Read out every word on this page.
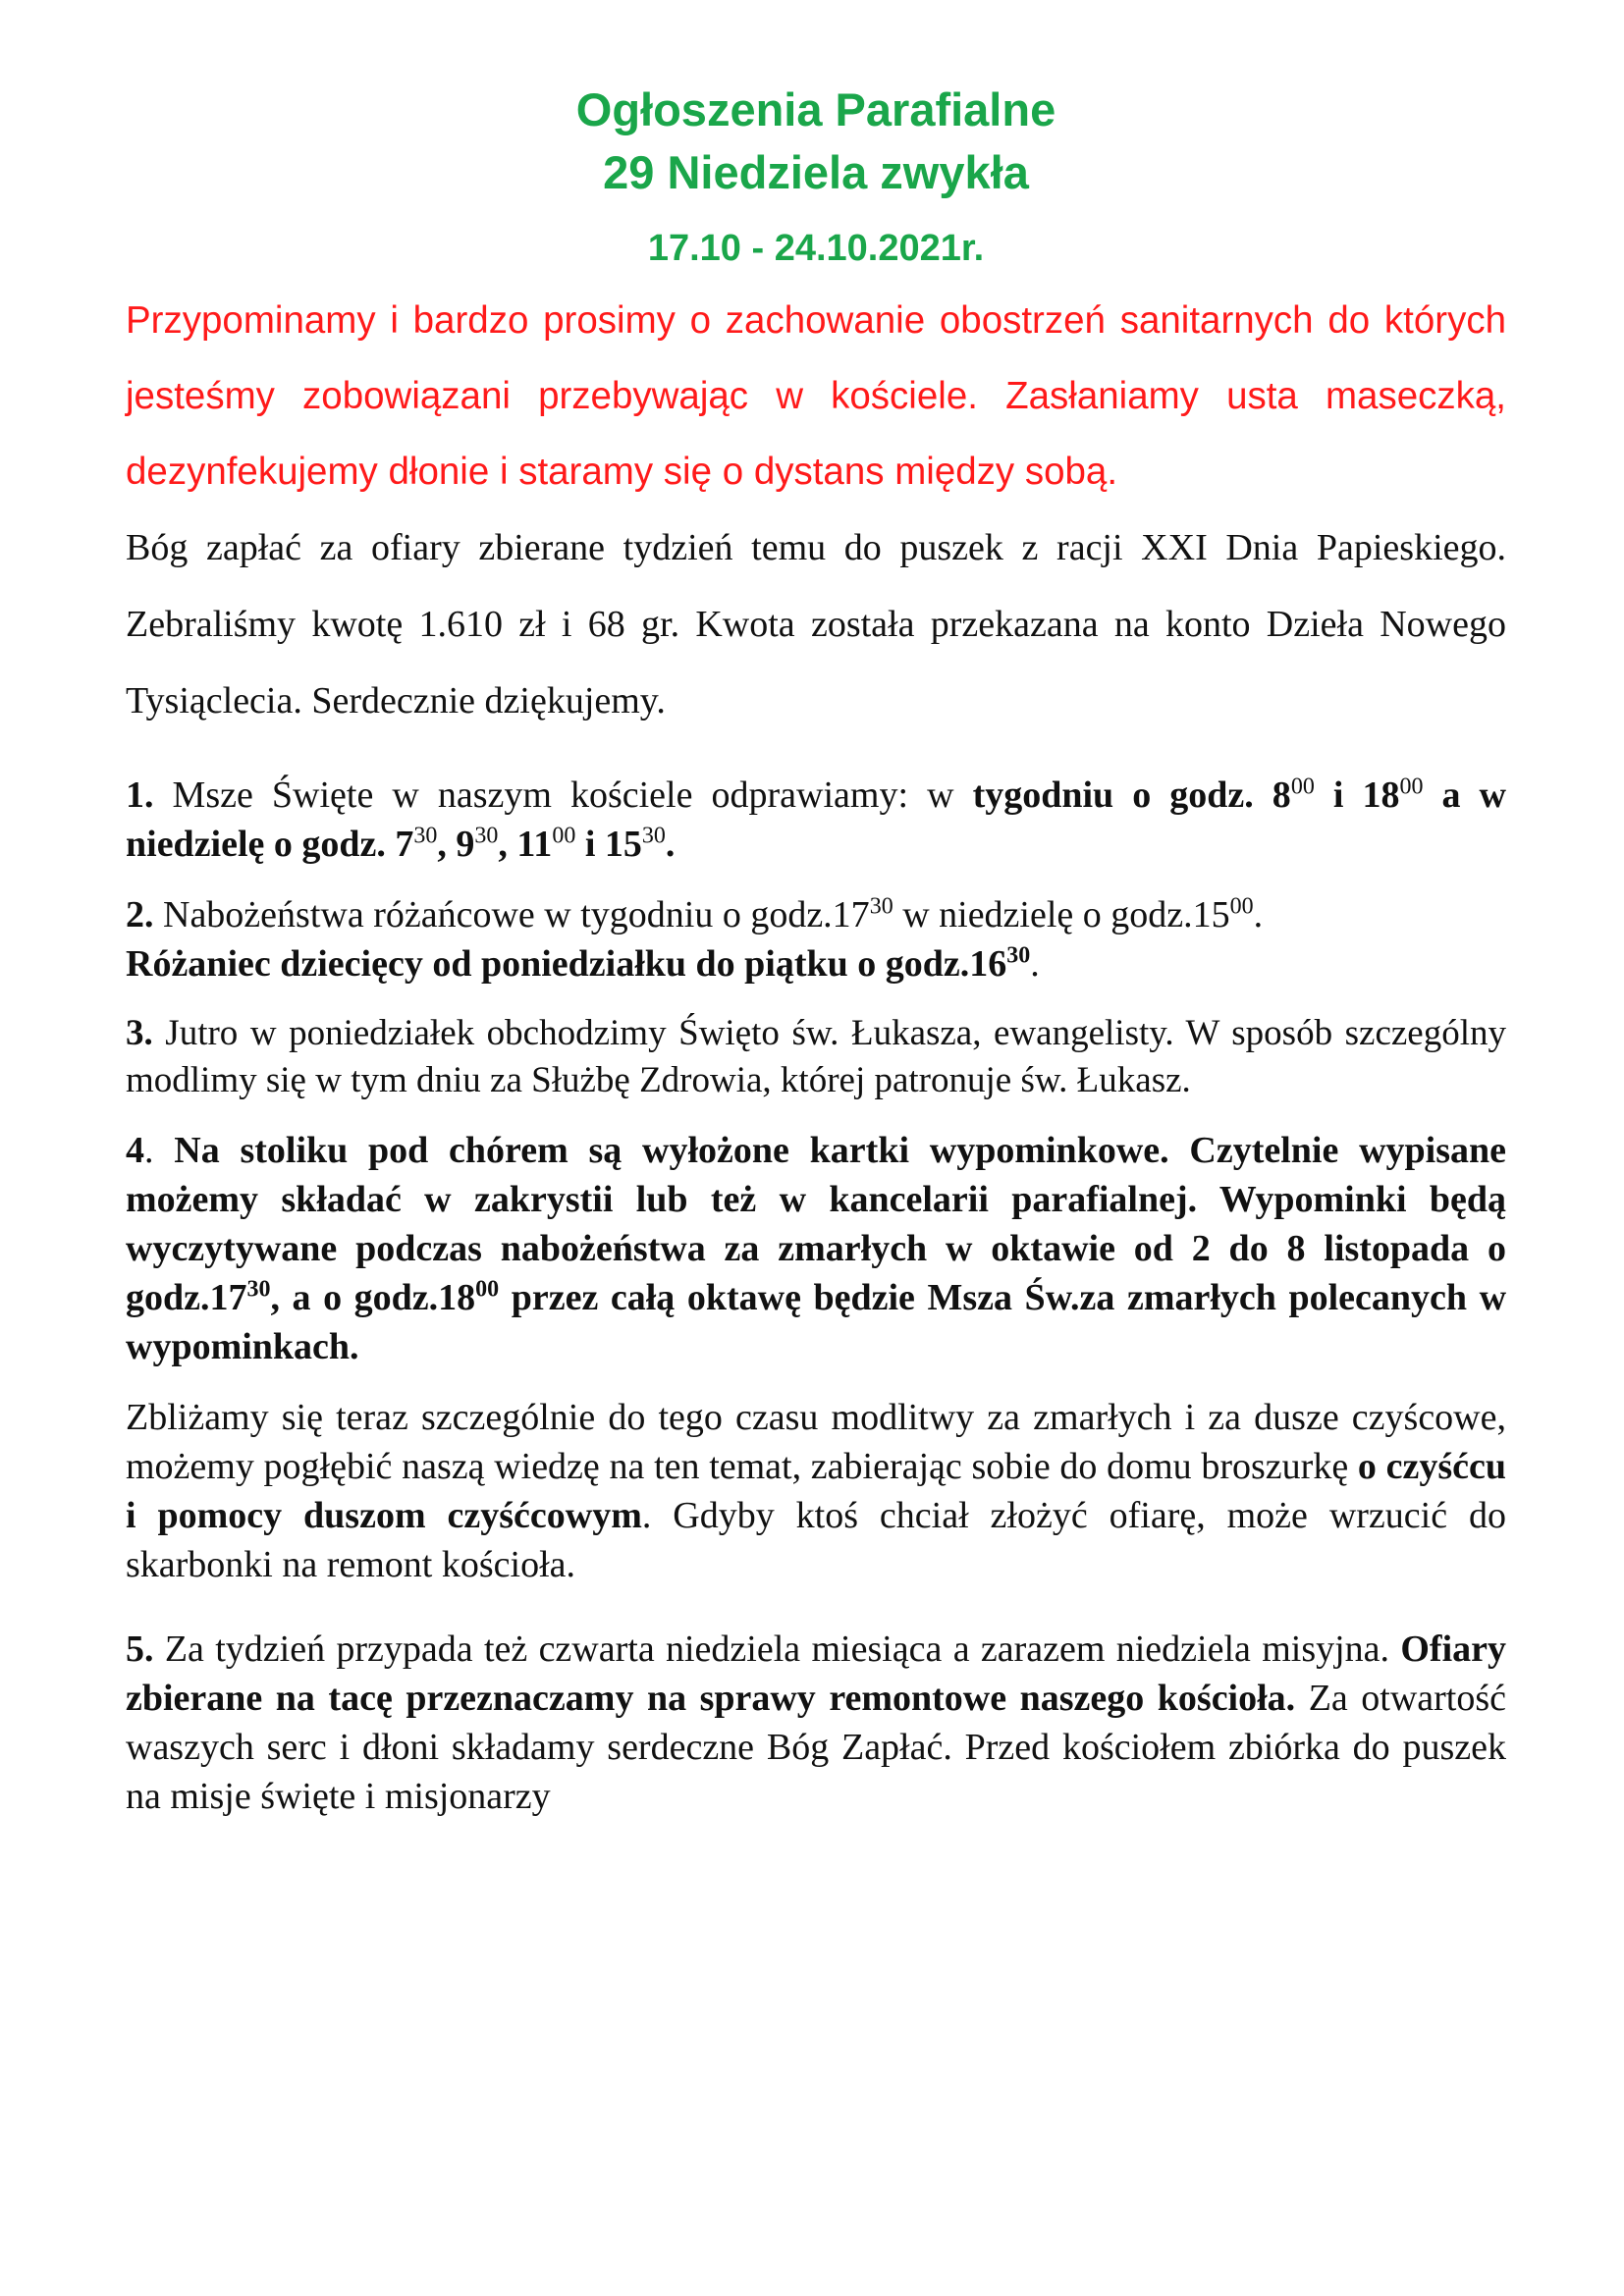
Ogłoszenia Parafialne
29 Niedziela zwykła

17.10 - 24.10.2021r.

Przypominamy i bardzo prosimy o zachowanie obostrzeń sanitarnych do których jesteśmy zobowiązani przebywając w kościele. Zasłaniamy usta maseczką, dezynfekujemy dłonie i staramy się o dystans między sobą.

Bóg zapłać za ofiary zbierane tydzień temu do puszek z racji XXI Dnia Papieskiego. Zebraliśmy kwotę 1.610 zł i 68 gr. Kwota została przekazana na konto Dzieła Nowego Tysiąclecia. Serdecznie dziękujemy.

1. Msze Święte w naszym kościele odprawiamy: w tygodniu o godz. $8^{00}$ i $18^{00}$ a w niedzielę o godz. $7^{30}$, $9^{30}$, $11^{00}$ i $15^{30}$.

2. Nabożeństwa różańcowe w tygodniu o $godz.17^{30}$ w niedzielę o $godz.15^{00}$.
Różaniec dziecięcy od poniedziałku do piątku o $godz.16^{30}$.

3. Jutro w poniedziałek obchodzimy Święto św. Łukasza, ewangelisty. W sposób szczególny modlimy się w tym dniu za Służbę Zdrowia, której patronuje św. Łukasz.

4. Na stoliku pod chórem są wyłożone kartki wypominkowe. Czytelnie wypisane możemy składać w zakrystii lub też w kancelarii parafialnej. Wypominki będą wyczytywane podczas nabożeństwa za zmarłych w oktawie od 2 do 8 listopada o $godz.17^{30}$, a o $godz.18^{00}$ przez całą oktawę będzie Msza Św.za zmarłych polecanych w wypominkach.

Zbliżamy się teraz szczególnie do tego czasu modlitwy za zmarłych i za dusze czyścowe, możemy pogłębić naszą wiedzę na ten temat, zabierając sobie do domu broszurkę o czyśćcu i pomocy duszom czyśćcowym. Gdyby ktoś chciał złożyć ofiarę, może wrzucić do skarbonki na remont kościoła.

5. Za tydzień przypada też czwarta niedziela miesiąca a zarazem niedziela misyjna. Ofiary zbierane na tacę przeznaczamy na sprawy remontowe naszego kościoła. Za otwartość waszych serc i dłoni składamy serdeczne Bóg Zapłać. Przed kościołem zbiórka do puszek na misje święte i misjonarzy
